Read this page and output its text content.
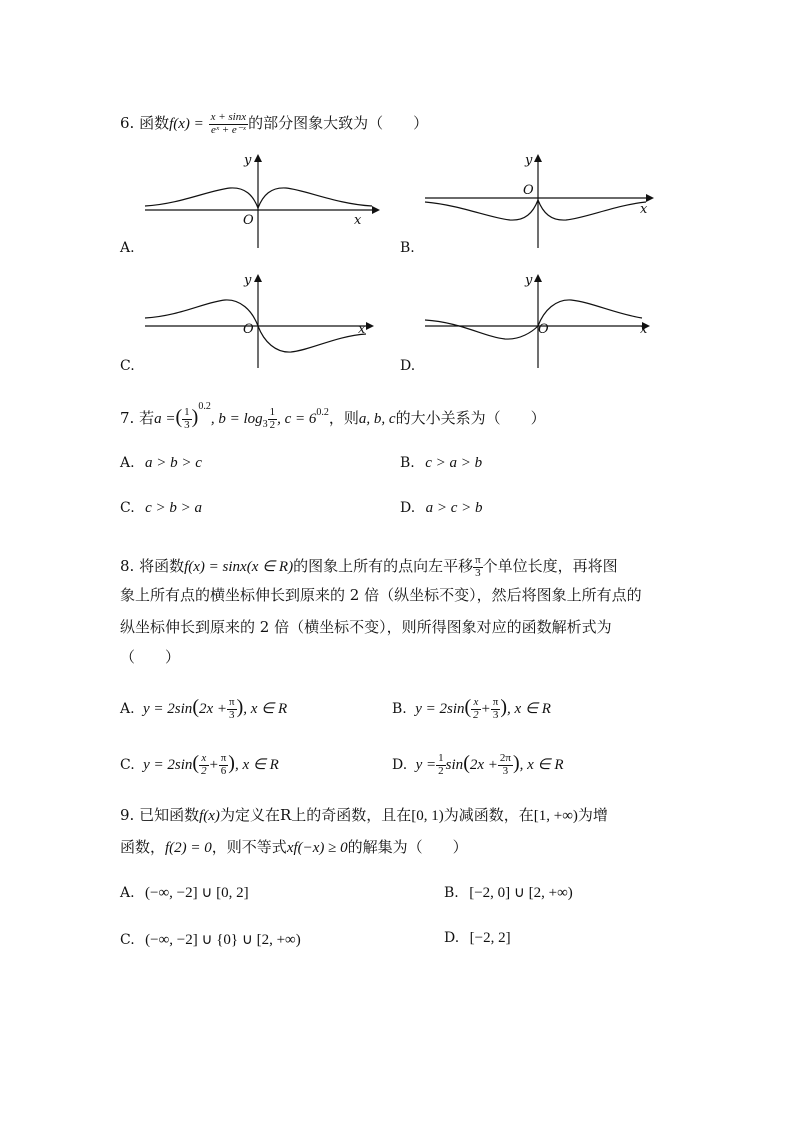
6. 函数$f(x) = \frac{x + \sin x}{\text{eˣ + e⁻ˣ}}$ 的部分图象大致为（　　）
y
x
O
A.
y
x
O
B.
y
x
O
C.
y
x
O
D.
7. 若a =( $\frac{1}{3} )^{0.2}$, $b = \log_3 \frac{1}{2}$ , $c = 6^{0.2}$，则a, b, c的大小关系为（　　）
A. a > b > c	B. c > a > b
C. c > b > a	D. a > c > b
8. 将函数f(x) = sinx(x ∈ R)的图象上所有的点向左平移 $\frac{\pi}{3}$ 个单位长度，再将图
象上所有点的横坐标伸长到原来的 2 倍（纵坐标不变），然后将图象上所有点的
纵坐标伸长到原来的 2 倍（横坐标不变），则所得图象对应的函数解析式为
（　　）
A. $y = 2\sin(2x + \frac{\pi}{3}$ ), x ∈ R	B. $y = 2\sin( \frac{x}{2} + \frac{\pi}{3}$ ), x ∈ R
C. $y = 2\sin( \frac{x}{2} + \frac{\pi}{6}$ ), x ∈ R	D. $y = \frac{1}{2} \sin(2x + \frac{2\pi}{3}$ ), x ∈ R
9. 已知函数f(x)为定义在R上的奇函数，且在[0, 1)为减函数，在[1, +∞)为增
函数，f(2) = 0，则不等式xf(−x) ≥ 0的解集为（　　）
A. (−∞, −2] ∪ [0, 2]	B. [−2, 0] ∪ [2, +∞)
C. (−∞, −2] ∪ {0} ∪ [2, +∞)	D. [−2, 2]
